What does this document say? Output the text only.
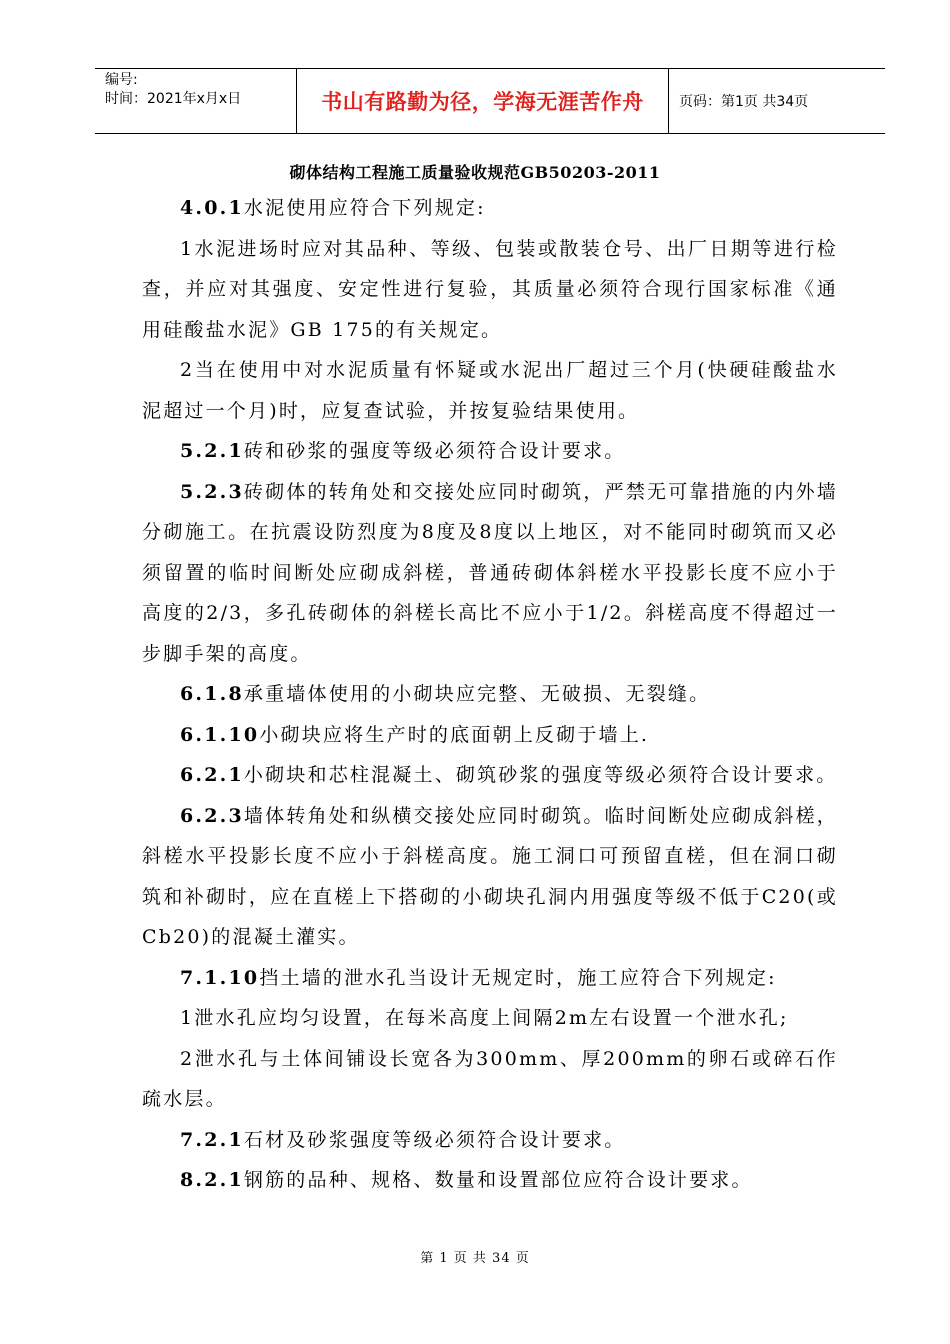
编号:
时间：2021年x月x日	书山有路勤为径，学海无涯苦作舟	页码：第1页 共34页
砌体结构工程施工质量验收规范GB50203-2011

4.0.1水泥使用应符合下列规定:

1水泥进场时应对其品种、等级、包装或散装仓号、出厂日期等进行检查，并应对其强度、安定性进行复验，其质量必须符合现行国家标准《通用硅酸盐水泥》GB 175的有关规定。

2当在使用中对水泥质量有怀疑或水泥出厂超过三个月(快硬硅酸盐水泥超过一个月)时，应复查试验，并按复验结果使用。

5.2.1砖和砂浆的强度等级必须符合设计要求。

5.2.3砖砌体的转角处和交接处应同时砌筑，严禁无可靠措施的内外墙分砌施工。在抗震设防烈度为8度及8度以上地区，对不能同时砌筑而又必须留置的临时间断处应砌成斜槎，普通砖砌体斜槎水平投影长度不应小于高度的2/3，多孔砖砌体的斜槎长高比不应小于1/2。斜槎高度不得超过一步脚手架的高度。

6.1.8承重墙体使用的小砌块应完整、无破损、无裂缝。

6.1.10小砌块应将生产时的底面朝上反砌于墙上.

6.2.1小砌块和芯柱混凝土、砌筑砂浆的强度等级必须符合设计要求。

6.2.3墙体转角处和纵横交接处应同时砌筑。临时间断处应砌成斜槎，斜槎水平投影长度不应小于斜槎高度。施工洞口可预留直槎，但在洞口砌筑和补砌时，应在直槎上下搭砌的小砌块孔洞内用强度等级不低于C20(或Cb20)的混凝土灌实。

7.1.10挡土墙的泄水孔当设计无规定时，施工应符合下列规定:

1泄水孔应均匀设置，在每米高度上间隔2m左右设置一个泄水孔;

2泄水孔与土体间铺设长宽各为300mm、厚200mm的卵石或碎石作疏水层。

7.2.1石材及砂浆强度等级必须符合设计要求。

8.2.1钢筋的品种、规格、数量和设置部位应符合设计要求。

第 1 页 共 34 页
